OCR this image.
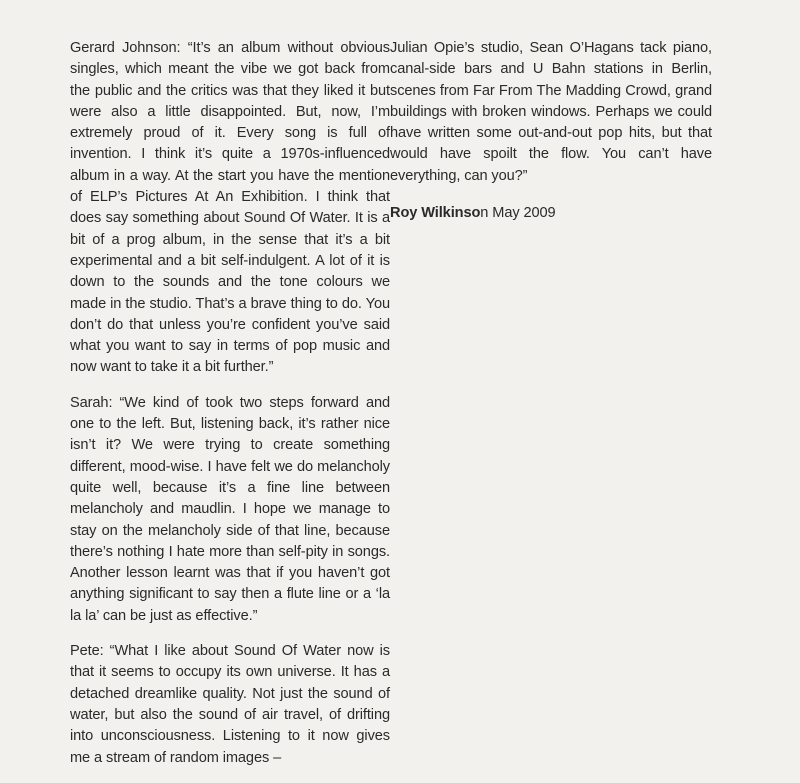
Gerard Johnson: “It’s an album without obvious singles, which meant the vibe we got back from the public and the critics was that they liked it but were also a little disappointed. But, now, I’m extremely proud of it. Every song is full of invention. I think it’s quite a 1970s-influenced album in a way. At the start you have the mention of ELP’s Pictures At An Exhibition. I think that does say something about Sound Of Water. It is a bit of a prog album, in the sense that it’s a bit experimental and a bit self-indulgent. A lot of it is down to the sounds and the tone colours we made in the studio. That’s a brave thing to do. You don’t do that unless you’re confident you’ve said what you want to say in terms of pop music and now want to take it a bit further.”

Sarah: “We kind of took two steps forward and one to the left. But, listening back, it’s rather nice isn’t it? We were trying to create something different, mood-wise. I have felt we do melancholy quite well, because it’s a fine line between melancholy and maudlin. I hope we manage to stay on the melancholy side of that line, because there’s nothing I hate more than self-pity in songs. Another lesson learnt was that if you haven’t got anything significant to say then a flute line or a ‘la la la’ can be just as effective.”

Pete: “What I like about Sound Of Water now is that it seems to occupy its own universe. It has a detached dreamlike quality. Not just the sound of water, but also the sound of air travel, of drifting into unconsciousness. Listening to it now gives me a stream of random images –

Julian Opie’s studio, Sean O’Hagans tack piano, canal-side bars and U Bahn stations in Berlin, scenes from Far From The Madding Crowd, grand buildings with broken windows. Perhaps we could have written some out-and-out pop hits, but that would have spoilt the flow. You can’t have everything, can you?”

Roy Wilkinson May 2009
